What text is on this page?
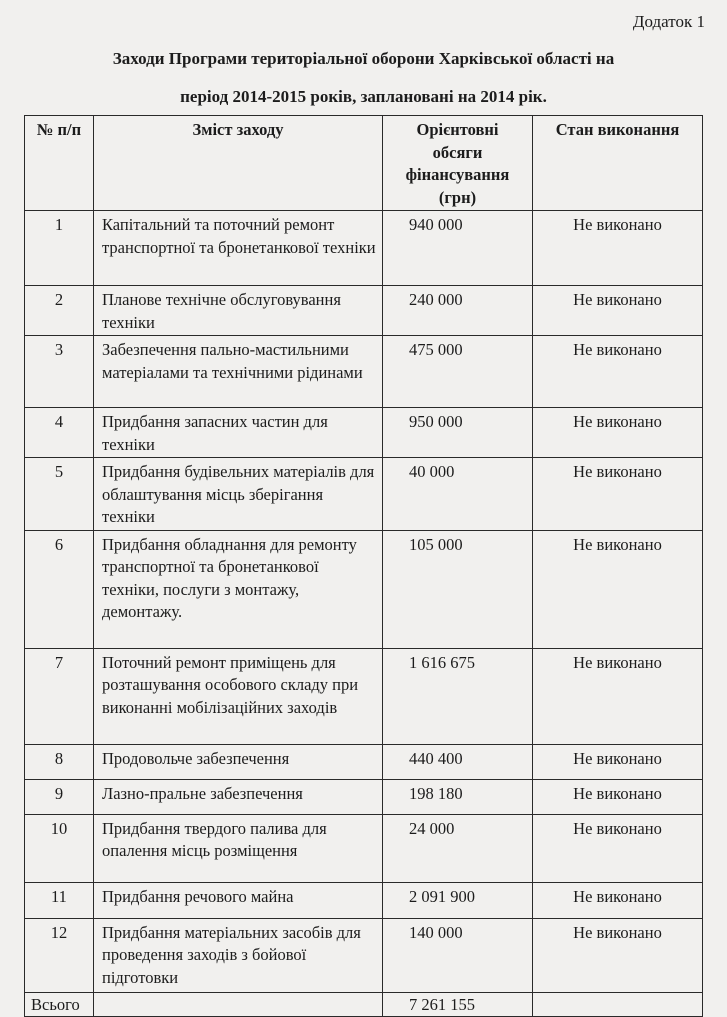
Додаток 1
Заходи Програми територіальної оборони Харківської області на
період 2014-2015 років, заплановані на 2014 рік.
№ п/п	Зміст заходу	Орієнтовні обсяги фінансування (грн)	Стан виконання
1	Капітальний та поточний ремонт транспортної та бронетанкової техніки	940 000	Не виконано
2	Планове технічне обслуговування техніки	240 000	Не виконано
3	Забезпечення пально-мастильними матеріалами та технічними рідинами	475 000	Не виконано
4	Придбання запасних частин для техніки	950 000	Не виконано
5	Придбання будівельних матеріалів для облаштування місць зберігання техніки	40 000	Не виконано
6	Придбання обладнання для ремонту транспортної та бронетанкової техніки, послуги з монтажу, демонтажу.	105 000	Не виконано
7	Поточний ремонт приміщень для розташування особового складу при виконанні мобілізаційних заходів	1 616 675	Не виконано
8	Продовольче забезпечення	440 400	Не виконано
9	Лазно-пральне забезпечення	198 180	Не виконано
10	Придбання твердого палива для опалення місць розміщення	24 000	Не виконано
11	Придбання речового майна	2 091 900	Не виконано
12	Придбання матеріальних засобів для проведення заходів з бойової підготовки	140 000	Не виконано
Всього		7 261 155	
